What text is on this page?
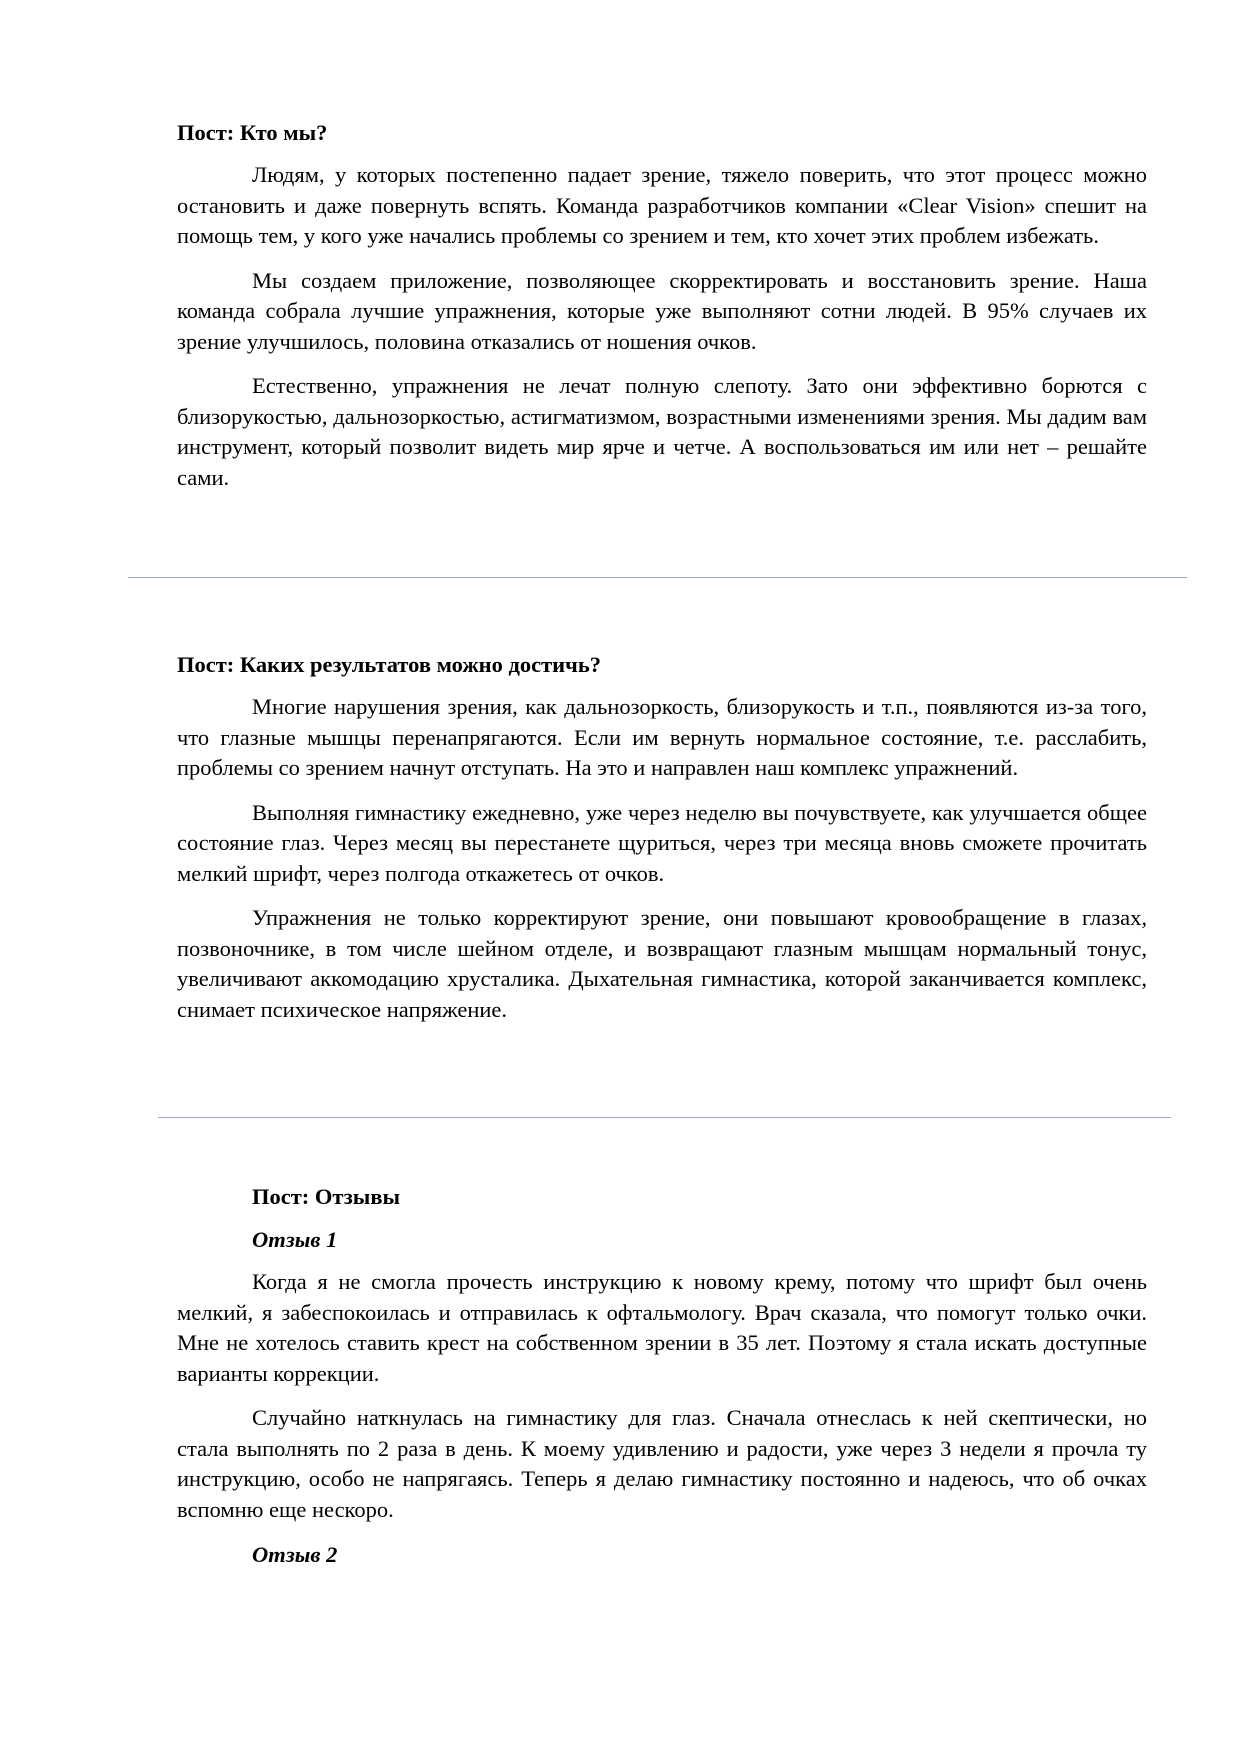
Пост: Кто мы?

Людям, у которых постепенно падает зрение, тяжело поверить, что этот процесс можно остановить и даже повернуть вспять. Команда разработчиков компании «Clear Vision» спешит на помощь тем, у кого уже начались проблемы со зрением и тем, кто хочет этих проблем избежать.

Мы создаем приложение, позволяющее скорректировать и восстановить зрение. Наша команда собрала лучшие упражнения, которые уже выполняют сотни людей. В 95% случаев их зрение улучшилось, половина отказались от ношения очков.

Естественно, упражнения не лечат полную слепоту. Зато они эффективно борются с близорукостью, дальнозоркостью, астигматизмом, возрастными изменениями зрения. Мы дадим вам инструмент, который позволит видеть мир ярче и четче. А воспользоваться им или нет – решайте сами.

Пост: Каких результатов можно достичь?

Многие нарушения зрения, как дальнозоркость, близорукость и т.п., появляются из-за того, что глазные мышцы перенапрягаются. Если им вернуть нормальное состояние, т.е. расслабить, проблемы со зрением начнут отступать. На это и направлен наш комплекс упражнений.

Выполняя гимнастику ежедневно, уже через неделю вы почувствуете, как улучшается общее состояние глаз. Через месяц вы перестанете щуриться, через три месяца вновь сможете прочитать мелкий шрифт, через полгода откажетесь от очков.

Упражнения не только корректируют зрение, они повышают кровообращение в глазах, позвоночнике, в том числе шейном отделе, и возвращают глазным мышцам нормальный тонус, увеличивают аккомодацию хрусталика. Дыхательная гимнастика, которой заканчивается комплекс, снимает психическое напряжение.

Пост: Отзывы
Отзыв 1

Когда я не смогла прочесть инструкцию к новому крему, потому что шрифт был очень мелкий, я забеспокоилась и отправилась к офтальмологу. Врач сказала, что помогут только очки. Мне не хотелось ставить крест на собственном зрении в 35 лет. Поэтому я стала искать доступные варианты коррекции.

Случайно наткнулась на гимнастику для глаз. Сначала отнеслась к ней скептически, но стала выполнять по 2 раза в день. К моему удивлению и радости, уже через 3 недели я прочла ту инструкцию, особо не напрягаясь. Теперь я делаю гимнастику постоянно и надеюсь, что об очках вспомню еще нескоро.

Отзыв 2
